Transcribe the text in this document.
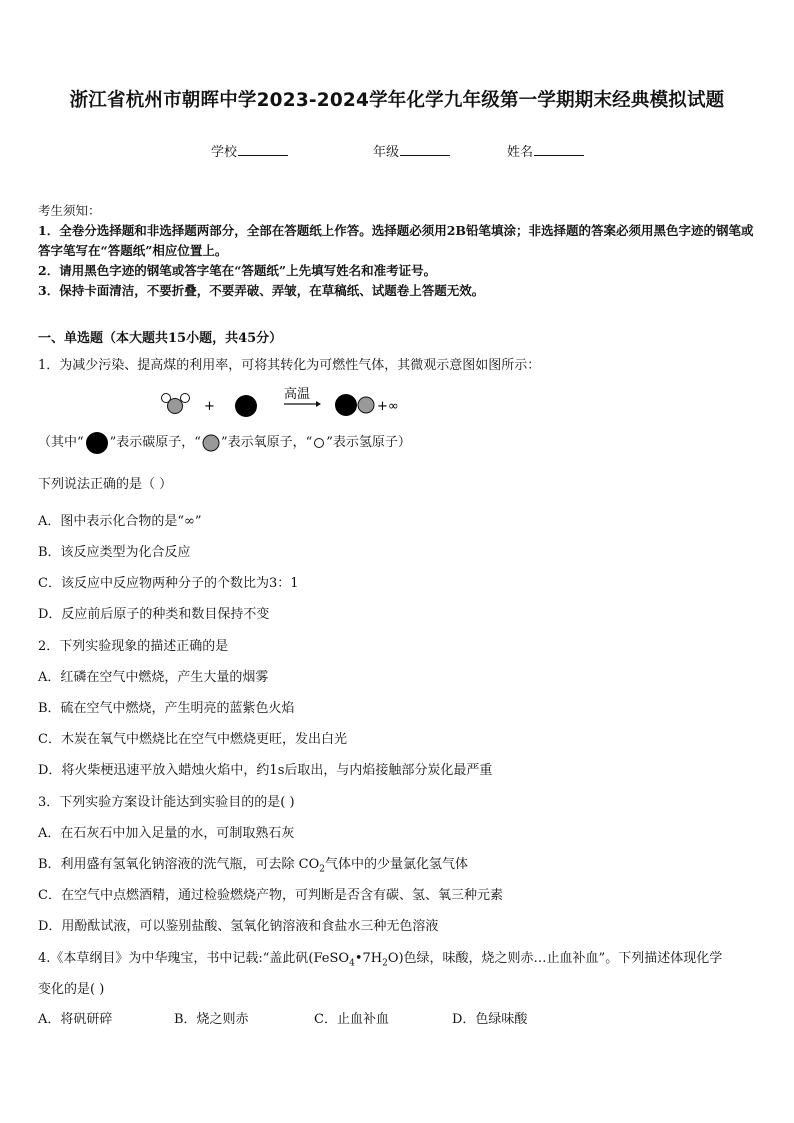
浙江省杭州市朝晖中学2023-2024学年化学九年级第一学期期末经典模拟试题
学校	年级	姓名
考生须知：
1．全卷分选择题和非选择题两部分，全部在答题纸上作答。选择题必须用2B铅笔填涂；非选择题的答案必须用黑色字迹的钢笔或答字笔写在“答题纸”相应位置上。
2．请用黑色字迹的钢笔或答字笔在“答题纸”上先填写姓名和准考证号。
3．保持卡面清洁，不要折叠，不要弄破、弄皱，在草稿纸、试题卷上答题无效。
一、单选题（本大题共15小题，共45分）
1．为减少污染、提高煤的利用率，可将其转化为可燃性气体，其微观示意图如图所示：
+
高温
+∞
（其中“ ”表示碳原子，“ ”表示氧原子，“ ”表示氢原子）
下列说法正确的是（ ）
A．图中表示化合物的是“∞”
B．该反应类型为化合反应
C．该反应中反应物两种分子的个数比为3：1
D．反应前后原子的种类和数目保持不变
2．下列实验现象的描述正确的是
A．红磷在空气中燃烧，产生大量的烟雾
B．硫在空气中燃烧，产生明亮的蓝紫色火焰
C．木炭在氧气中燃烧比在空气中燃烧更旺，发出白光
D．将火柴梗迅速平放入蜡烛火焰中，约1s后取出，与内焰接触部分炭化最严重
3．下列实验方案设计能达到实验目的的是( )
A．在石灰石中加入足量的水，可制取熟石灰
B．利用盛有氢氧化钠溶液的洗气瓶，可去除 $CO_2$气体中的少量氯化氢气体
C．在空气中点燃酒精，通过检验燃烧产物，可判断是否含有碳、氢、氧三种元素
D．用酚酞试液，可以鉴别盐酸、氢氧化钠溶液和食盐水三种无色溶液
4.《本草纲目》为中华瑰宝，书中记载:“盖此矾$(FeSO_4•7H_2O)$色绿，味酸，烧之则赤…止血补血”。下列描述体现化学
变化的是( )
A．将矾研碎	B．烧之则赤	C．止血补血	D．色绿味酸
